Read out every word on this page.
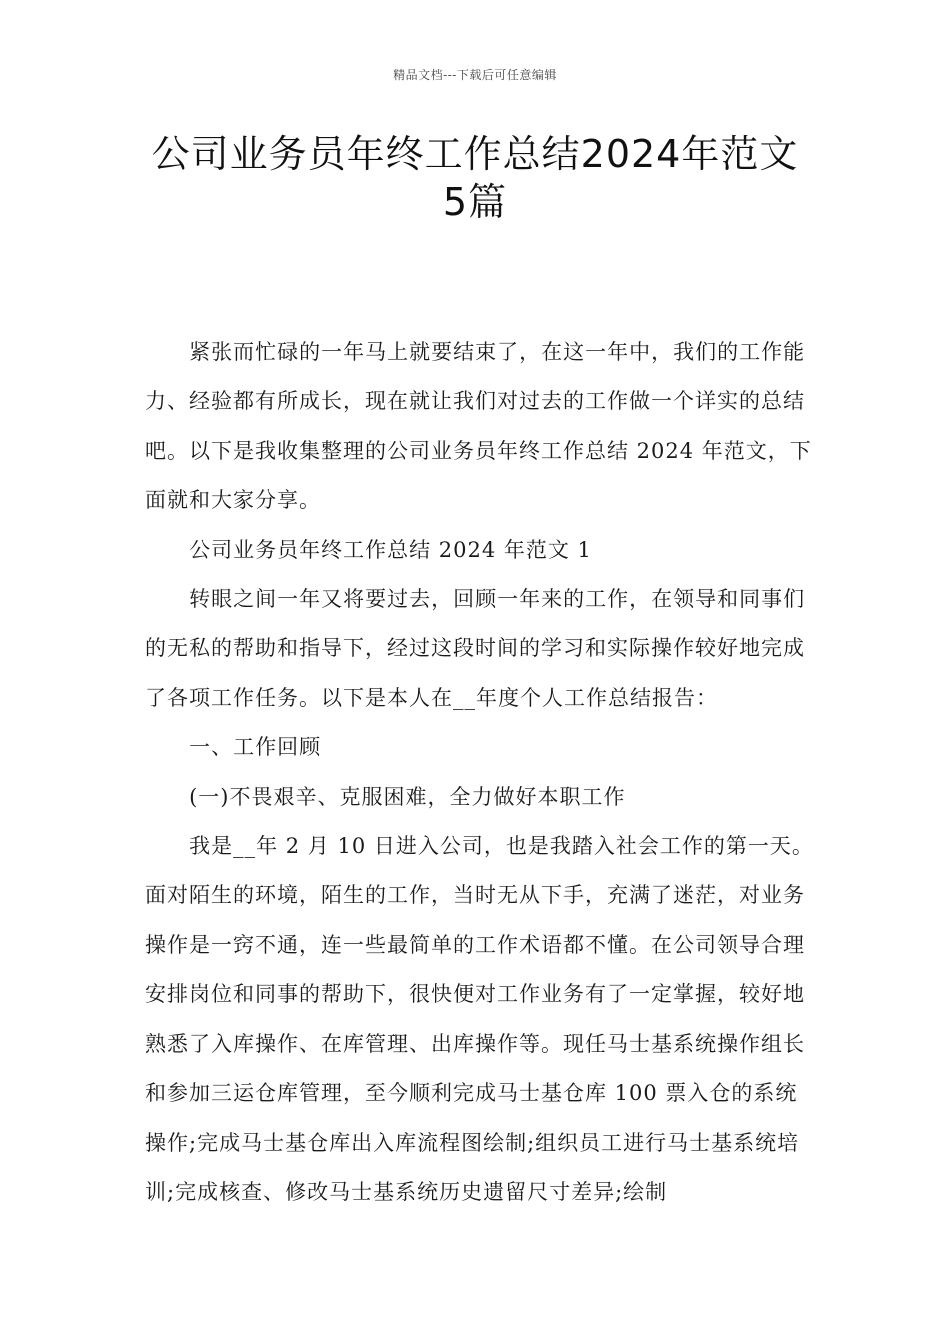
精品文档---下载后可任意编辑
公司业务员年终工作总结2024年范文5篇

紧张而忙碌的一年马上就要结束了，在这一年中，我们的工作能力、经验都有所成长，现在就让我们对过去的工作做一个详实的总结吧。以下是我收集整理的公司业务员年终工作总结 2024 年范文，下面就和大家分享。

公司业务员年终工作总结 2024 年范文 1

转眼之间一年又将要过去，回顾一年来的工作，在领导和同事们的无私的帮助和指导下，经过这段时间的学习和实际操作较好地完成了各项工作任务。以下是本人在__年度个人工作总结报告：

一、工作回顾

(一)不畏艰辛、克服困难，全力做好本职工作

我是__年 2 月 10 日进入公司，也是我踏入社会工作的第一天。面对陌生的环境，陌生的工作，当时无从下手，充满了迷茫，对业务操作是一窍不通，连一些最简单的工作术语都不懂。在公司领导合理安排岗位和同事的帮助下，很快便对工作业务有了一定掌握，较好地熟悉了入库操作、在库管理、出库操作等。现任马士基系统操作组长和参加三运仓库管理，至今顺利完成马士基仓库 100 票入仓的系统操作;完成马士基仓库出入库流程图绘制;组织员工进行马士基系统培训;完成核查、修改马士基系统历史遗留尺寸差异;绘制
